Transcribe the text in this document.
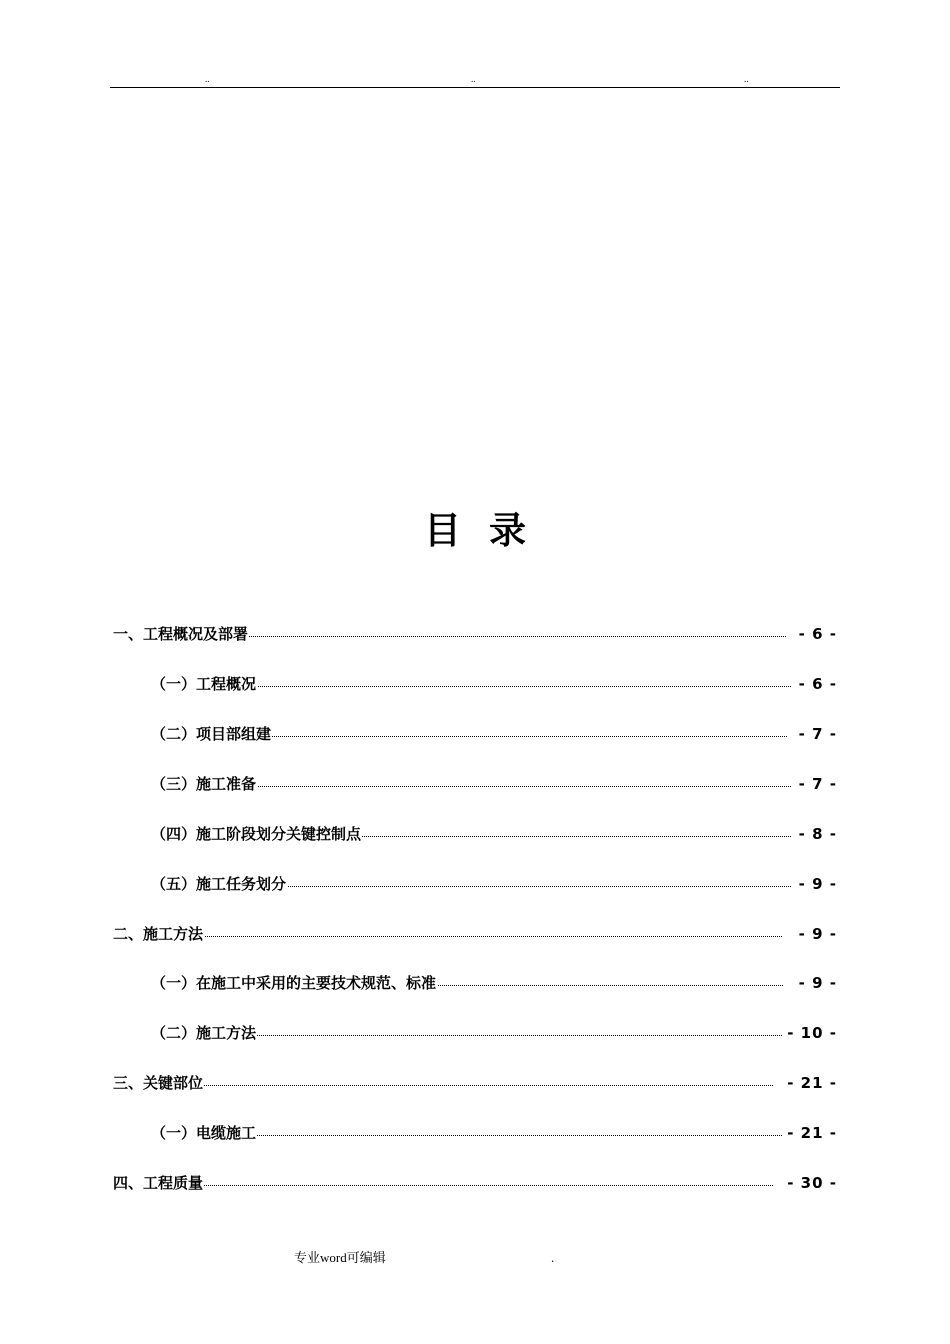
..	..	..
目录
一、工程概况及部署	- 6 -
（一）工程概况	- 6 -
（二）项目部组建	- 7 -
（三）施工准备	- 7 -
（四）施工阶段划分关键控制点	- 8 -
（五）施工任务划分	- 9 -
二、施工方法	- 9 -
（一）在施工中采用的主要技术规范、标准	- 9 -
（二）施工方法	- 10 -
三、关键部位	- 21 -
（一）电缆施工	- 21 -
四、工程质量	- 30 -
专业word可编辑	.
